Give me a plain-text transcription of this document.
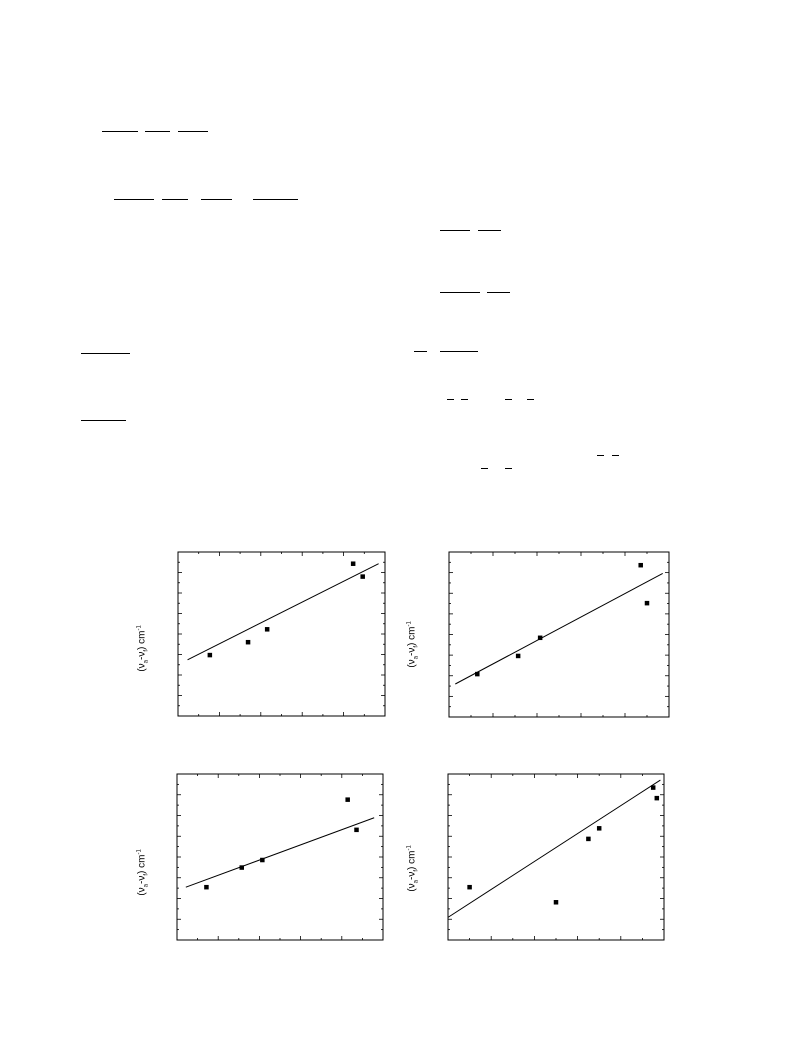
$(\nu_a-\nu_f)$ $cm^{-1}$
$(\nu_a-\nu_f)$ $cm^{-1}$
$(\nu_a-\nu_f)$ $cm^{-1}$
$(\nu_a-\nu_f)$ $cm^{-1}$
